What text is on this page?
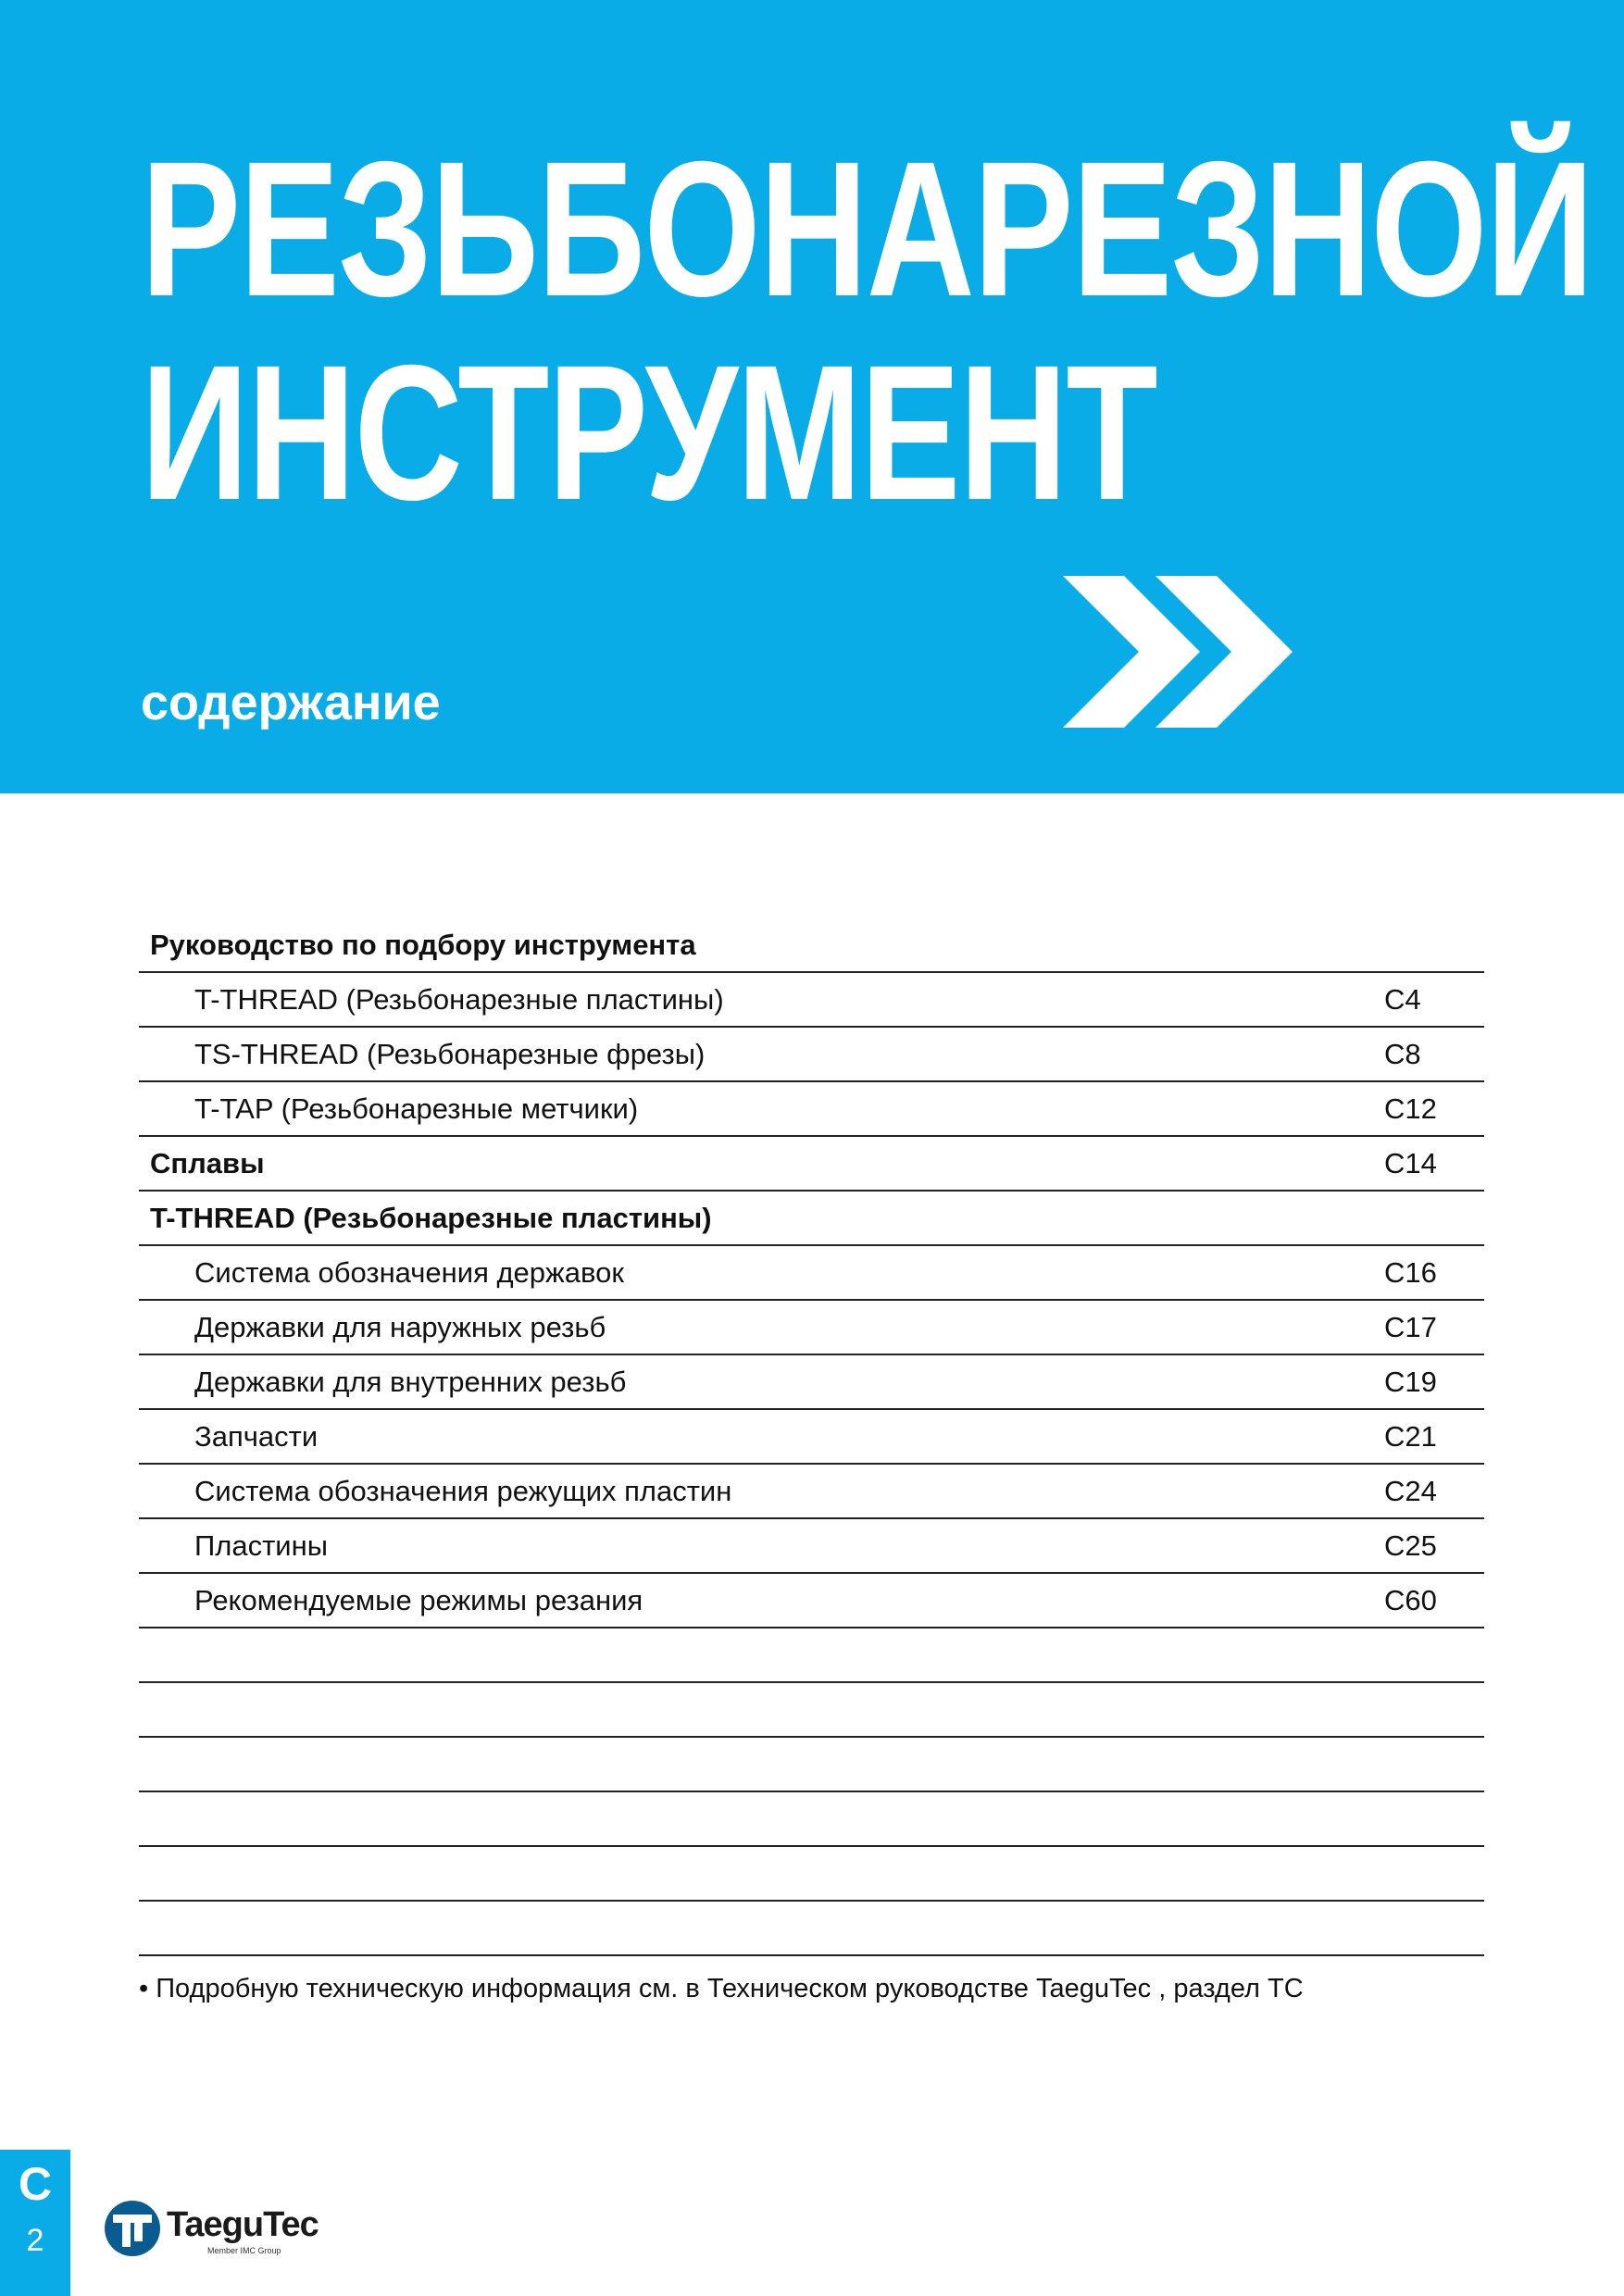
РЕЗЬБОНАРЕЗНОЙ
ИНСТРУМЕНТ
содержание
Руководство по подбору инструмента
T-THREAD (Резьбонарезные пластины)	C4
TS-THREAD (Резьбонарезные фрезы)	C8
T-TAP (Резьбонарезные метчики)	C12
Сплавы	C14
T-THREAD (Резьбонарезные пластины)
Система обозначения державок	C16
Державки для наружных резьб	C17
Державки для внутренних резьб	C19
Запчасти	C21
Система обозначения режущих пластин	C24
Пластины	C25
Рекомендуемые режимы резания	C60
• Подробную техническую информация см. в Техническом руководстве TaeguTec , раздел TC
C
2	TaeguTec
Member IMC Group
